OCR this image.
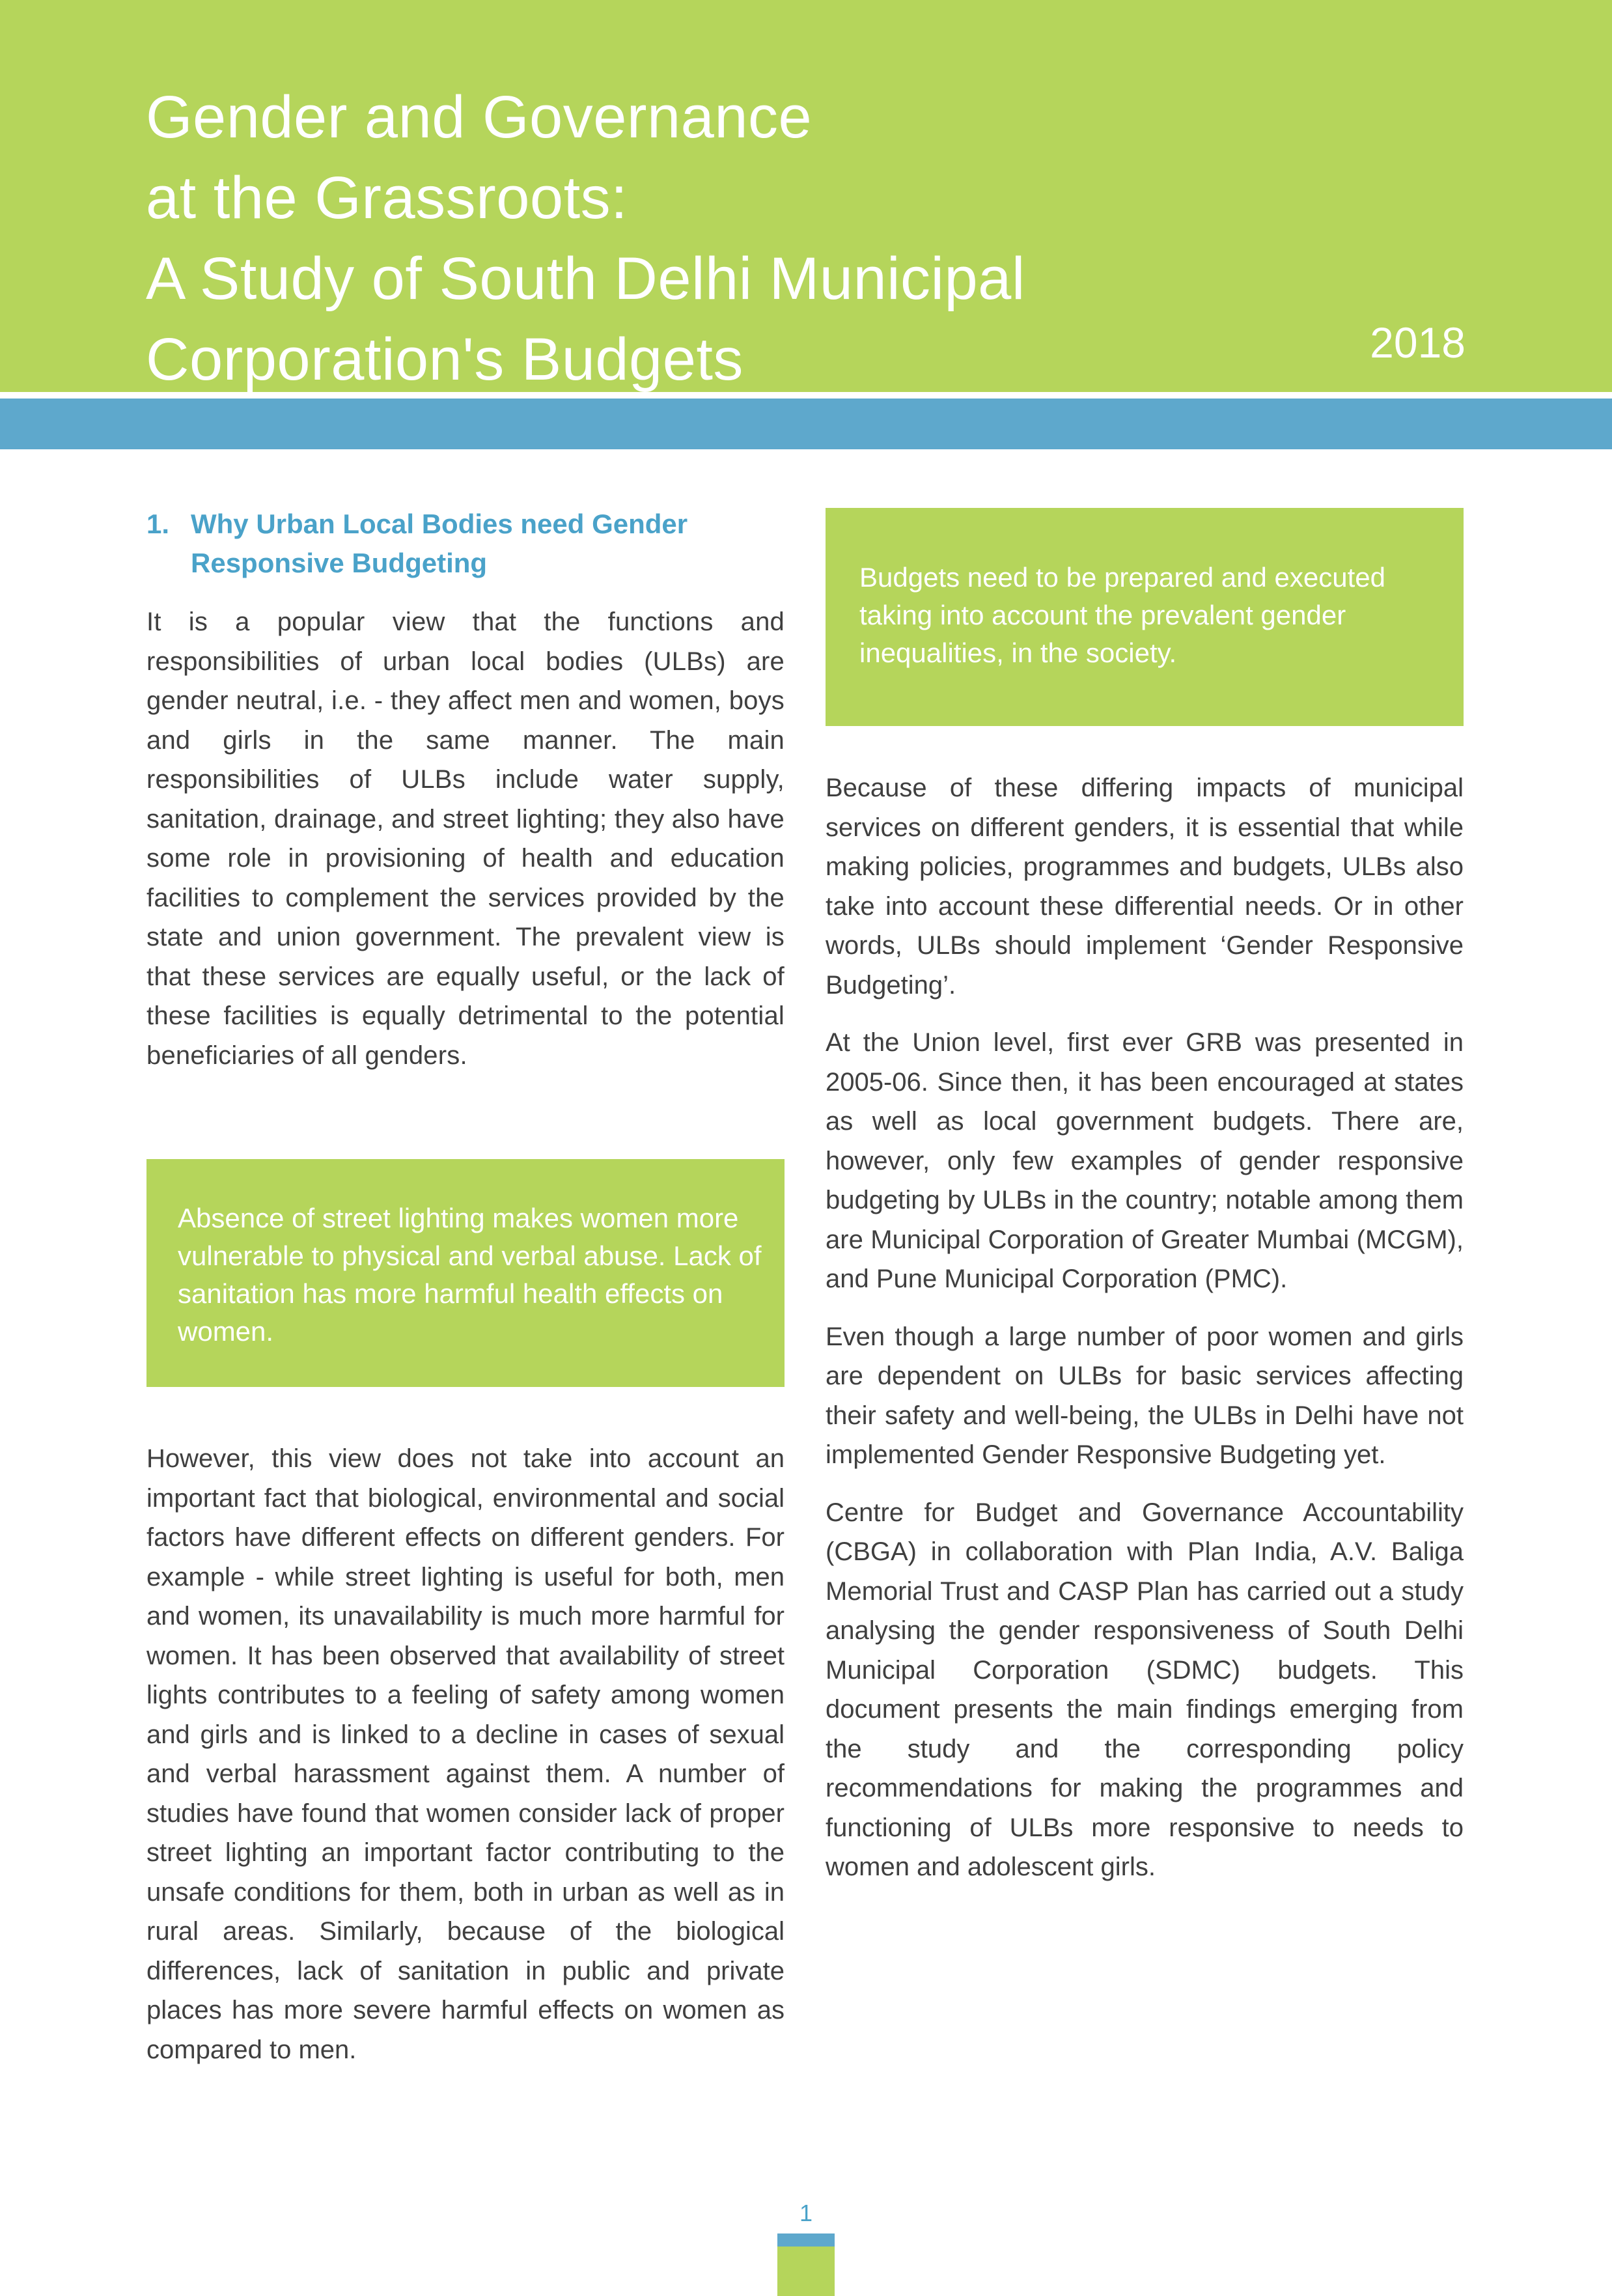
Gender and Governance
at the Grassroots:
A Study of South Delhi Municipal
Corporation's Budgets	2018
1. Why Urban Local Bodies need Gender Responsive Budgeting

It is a popular view that the functions and responsibilities of urban local bodies (ULBs) are gender neutral, i.e. - they affect men and women, boys and girls in the same manner. The main responsibilities of ULBs include water supply, sanitation, drainage, and street lighting; they also have some role in provisioning of health and education facilities to complement the services provided by the state and union government. The prevalent view is that these services are equally useful, or the lack of these facilities is equally detrimental to the potential beneficiaries of all genders.

Absence of street lighting makes women more vulnerable to physical and verbal abuse. Lack of sanitation has more harmful health effects on women.

However, this view does not take into account an important fact that biological, environmental and social factors have different effects on different genders. For example - while street lighting is useful for both, men and women, its unavailability is much more harmful for women. It has been observed that availability of street lights contributes to a feeling of safety among women and girls and is linked to a decline in cases of sexual and verbal harassment against them. A number of studies have found that women consider lack of proper street lighting an important factor contributing to the unsafe conditions for them, both in urban as well as in rural areas. Similarly, because of the biological differences, lack of sanitation in public and private places has more severe harmful effects on women as compared to men.

Budgets need to be prepared and executed taking into account the prevalent gender inequalities, in the society.

Because of these differing impacts of municipal services on different genders, it is essential that while making policies, programmes and budgets, ULBs also take into account these differential needs. Or in other words, ULBs should implement ‘Gender Responsive Budgeting’.

At the Union level, first ever GRB was presented in 2005-06. Since then, it has been encouraged at states as well as local government budgets. There are, however, only few examples of gender responsive budgeting by ULBs in the country; notable among them are Municipal Corporation of Greater Mumbai (MCGM), and Pune Municipal Corporation (PMC).

Even though a large number of poor women and girls are dependent on ULBs for basic services affecting their safety and well-being, the ULBs in Delhi have not implemented Gender Responsive Budgeting yet.

Centre for Budget and Governance Accountability (CBGA) in collaboration with Plan India, A.V. Baliga Memorial Trust and CASP Plan has carried out a study analysing the gender responsiveness of South Delhi Municipal Corporation (SDMC) budgets. This document presents the main findings emerging from the study and the corresponding policy recommendations for making the programmes and functioning of ULBs more responsive to needs to women and adolescent girls.

1
